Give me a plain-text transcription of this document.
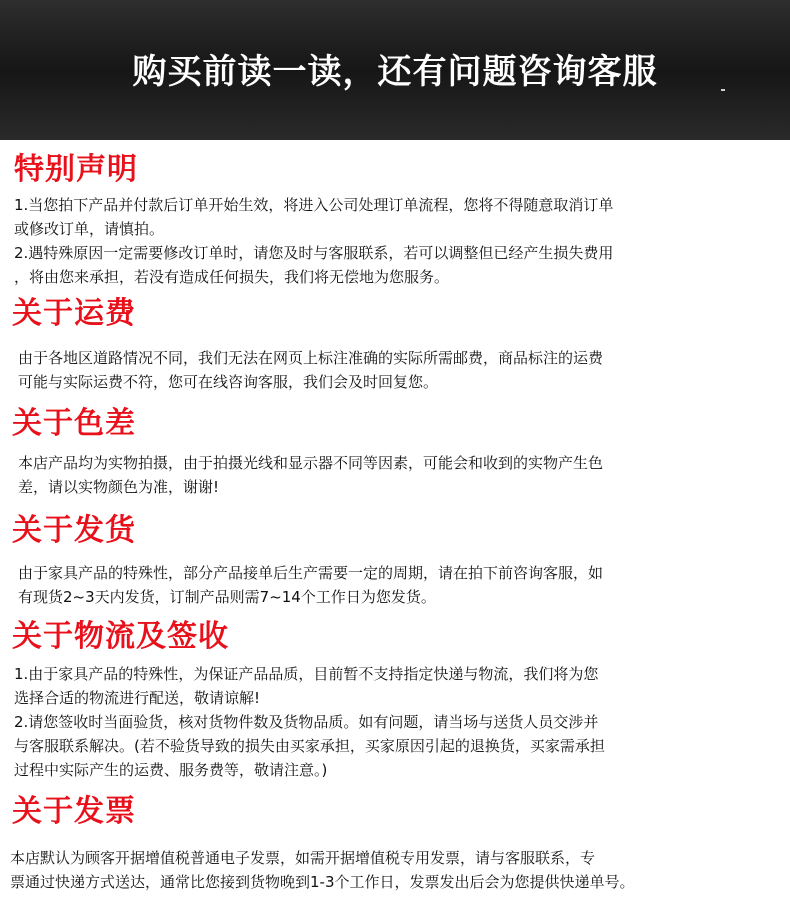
购买前读一读，还有问题咨询客服
特别声明
1.当您拍下产品并付款后订单开始生效，将进入公司处理订单流程，您将不得随意取消订单
或修改订单，请慎拍。
2.遇特殊原因一定需要修改订单时，请您及时与客服联系，若可以调整但已经产生损失费用
，将由您来承担，若没有造成任何损失，我们将无偿地为您服务。
关于运费
由于各地区道路情况不同，我们无法在网页上标注准确的实际所需邮费，商品标注的运费
可能与实际运费不符，您可在线咨询客服，我们会及时回复您。
关于色差
本店产品均为实物拍摄，由于拍摄光线和显示器不同等因素，可能会和收到的实物产生色
差，请以实物颜色为准，谢谢!
关于发货
由于家具产品的特殊性，部分产品接单后生产需要一定的周期，请在拍下前咨询客服，如
有现货2~3天内发货，订制产品则需7~14个工作日为您发货。
关于物流及签收
1.由于家具产品的特殊性，为保证产品品质，目前暂不支持指定快递与物流，我们将为您
选择合适的物流进行配送，敬请谅解!
2.请您签收时当面验货，核对货物件数及货物品质。如有问题，请当场与送货人员交涉并
与客服联系解决。(若不验货导致的损失由买家承担，买家原因引起的退换货，买家需承担
过程中实际产生的运费、服务费等，敬请注意。)
关于发票
本店默认为顾客开据增值税普通电子发票，如需开据增值税专用发票，请与客服联系，专
票通过快递方式送达，通常比您接到货物晚到1-3个工作日，发票发出后会为您提供快递单号。
